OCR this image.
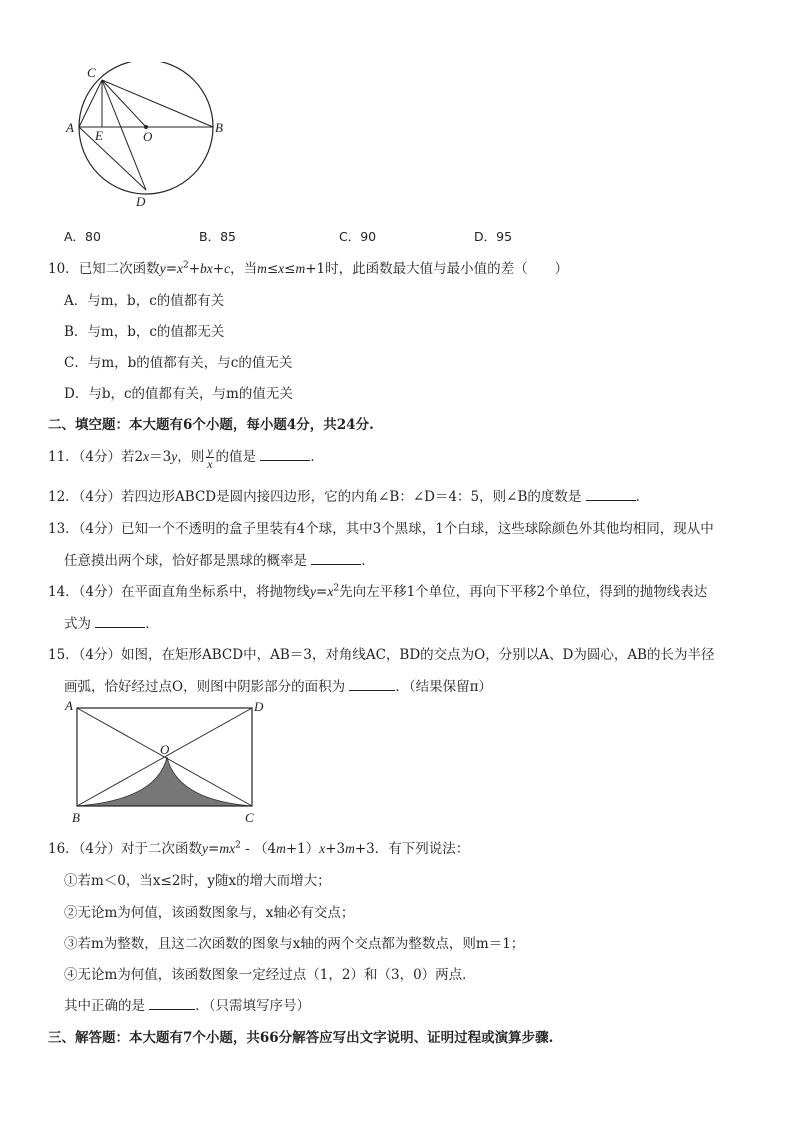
C
A
E	O
B
D
A．80	B．85	C．90	D．95
10．已知二次函数$y=x^2+bx+c$，当m≤x≤m+1时，此函数最大值与最小值的差（　　）
A．与m，b，c的值都有关
B．与m，b，c的值都无关
C．与m，b的值都有关，与c的值无关
D．与b，c的值都有关，与m的值无关
二、填空题：本大题有6个小题，每小题4分，共24分.
11．（4分）若2x＝3y，则 $\frac{y}{x}$ 的值是	．
12．（4分）若四边形ABCD是圆内接四边形，它的内角∠B：∠D＝4：5，则∠B的度数是	．
13．（4分）已知一个不透明的盒子里装有4个球，其中3个黑球，1个白球，这些球除颜色外其他均相同，现从中
任意摸出两个球，恰好都是黑球的概率是	．
14．（4分）在平面直角坐标系中，将抛物线$y=x^2$先向左平移1个单位，再向下平移2个单位，得到的抛物线表达
式为	．
15．（4分）如图，在矩形ABCD中，AB＝3，对角线AC，BD的交点为O，分别以A、D为圆心，AB的长为半径
画弧，恰好经过点O，则图中阴影部分的面积为	．（结果保留π）
A	D
O
B	C
16．（4分）对于二次函数$y=mx^2 - (4m+1)x+3m+3$．有下列说法：
①若m＜0，当x≤2时，y随x的增大而增大；
②无论m为何值，该函数图象与，x轴必有交点；
③若m为整数，且这二次函数的图象与x轴的两个交点都为整数点，则m＝1；
④无论m为何值，该函数图象一定经过点（1，2）和（3，0）两点．
其中正确的是	．（只需填写序号）
三、解答题：本大题有7个小题，共66分解答应写出文字说明、证明过程或演算步骤.
